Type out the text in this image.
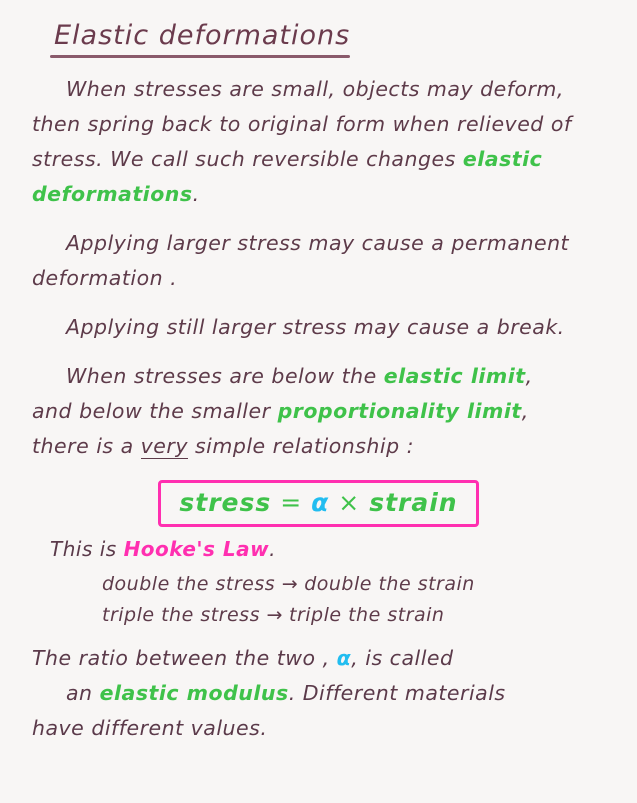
Elastic deformations
When stresses are small, objects may deform, then spring back to original form when relieved of stress. We call such reversible changes elastic deformations.
Applying larger stress may cause a permanent deformation .
Applying still larger stress may cause a break.
When stresses are below the elastic limit,
and below the smaller proportionality limit,
there is a very simple relationship :
stress = α × strain
This is Hooke's Law.
double the stress → double the strain
triple the stress → triple the strain
The ratio between the two , α, is called
an elastic modulus. Different materials
have different values.
